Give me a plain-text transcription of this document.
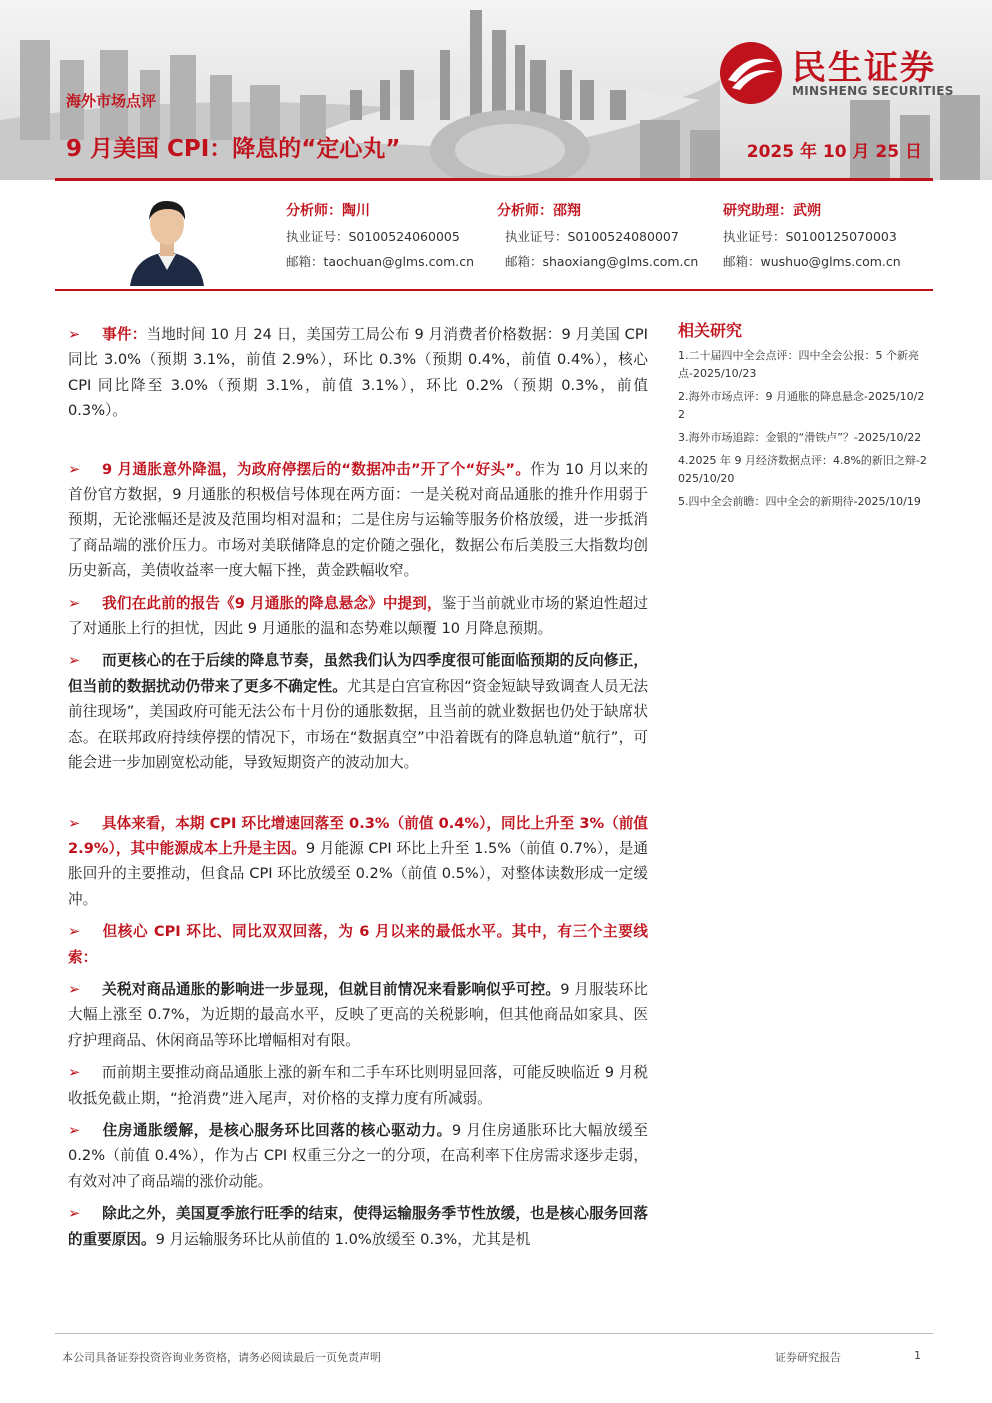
海外市场点评
9 月美国 CPI：降息的“定心丸”	2025 年 10 月 25 日
民生证券
MINSHENG SECURITIES
分析师：陶川
执业证号：S0100524060005
邮箱：taochuan@glms.com.cn
分析师：邵翔
执业证号：S0100524080007
邮箱：shaoxiang@glms.com.cn
研究助理：武朔
执业证号：S0100125070003
邮箱：wushuo@glms.com.cn

➢ 事件：当地时间 10 月 24 日，美国劳工局公布 9 月消费者价格数据：9 月美国 CPI 同比 3.0%（预期 3.1%，前值 2.9%），环比 0.3%（预期 0.4%，前值 0.4%），核心 CPI 同比降至 3.0%（预期 3.1%，前值 3.1%），环比 0.2%（预期 0.3%，前值 0.3%）。

➢ 9 月通胀意外降温，为政府停摆后的“数据冲击”开了个“好头”。作为 10 月以来的首份官方数据，9 月通胀的积极信号体现在两方面：一是关税对商品通胀的推升作用弱于预期，无论涨幅还是波及范围均相对温和；二是住房与运输等服务价格放缓，进一步抵消了商品端的涨价压力。市场对美联储降息的定价随之强化，数据公布后美股三大指数均创历史新高，美债收益率一度大幅下挫，黄金跌幅收窄。

➢ 我们在此前的报告《9 月通胀的降息悬念》中提到，鉴于当前就业市场的紧迫性超过了对通胀上行的担忧，因此 9 月通胀的温和态势难以颠覆 10 月降息预期。

➢ 而更核心的在于后续的降息节奏，虽然我们认为四季度很可能面临预期的反向修正，但当前的数据扰动仍带来了更多不确定性。尤其是白宫宣称因“资金短缺导致调查人员无法前往现场”，美国政府可能无法公布十月份的通胀数据，且当前的就业数据也仍处于缺席状态。在联邦政府持续停摆的情况下，市场在“数据真空”中沿着既有的降息轨道“航行”，可能会进一步加剧宽松动能，导致短期资产的波动加大。

➢ 具体来看，本期 CPI 环比增速回落至 0.3%（前值 0.4%），同比上升至 3%（前值 2.9%），其中能源成本上升是主因。9 月能源 CPI 环比上升至 1.5%（前值 0.7%），是通胀回升的主要推动，但食品 CPI 环比放缓至 0.2%（前值 0.5%），对整体读数形成一定缓冲。

➢ 但核心 CPI 环比、同比双双回落，为 6 月以来的最低水平。其中，有三个主要线索：

➢ 关税对商品通胀的影响进一步显现，但就目前情况来看影响似乎可控。9 月服装环比大幅上涨至 0.7%，为近期的最高水平，反映了更高的关税影响，但其他商品如家具、医疗护理商品、休闲商品等环比增幅相对有限。

➢ 而前期主要推动商品通胀上涨的新车和二手车环比则明显回落，可能反映临近 9 月税收抵免截止期，“抢消费”进入尾声，对价格的支撑力度有所减弱。

➢ 住房通胀缓解，是核心服务环比回落的核心驱动力。9 月住房通胀环比大幅放缓至 0.2%（前值 0.4%），作为占 CPI 权重三分之一的分项，在高利率下住房需求逐步走弱，有效对冲了商品端的涨价动能。

➢ 除此之外，美国夏季旅行旺季的结束，使得运输服务季节性放缓，也是核心服务回落的重要原因。9 月运输服务环比从前值的 1.0%放缓至 0.3%，尤其是机

相关研究
1.二十届四中全会点评：四中全会公报：5 个新亮点-2025/10/23
2.海外市场点评：9 月通胀的降息悬念-2025/10/22
3.海外市场追踪：金银的“滑铁卢”？-2025/10/22
4.2025 年 9 月经济数据点评：4.8%的新旧之辩-2025/10/20
5.四中全会前瞻：四中全会的新期待-2025/10/19
本公司具备证券投资咨询业务资格，请务必阅读最后一页免责声明	证券研究报告	1
